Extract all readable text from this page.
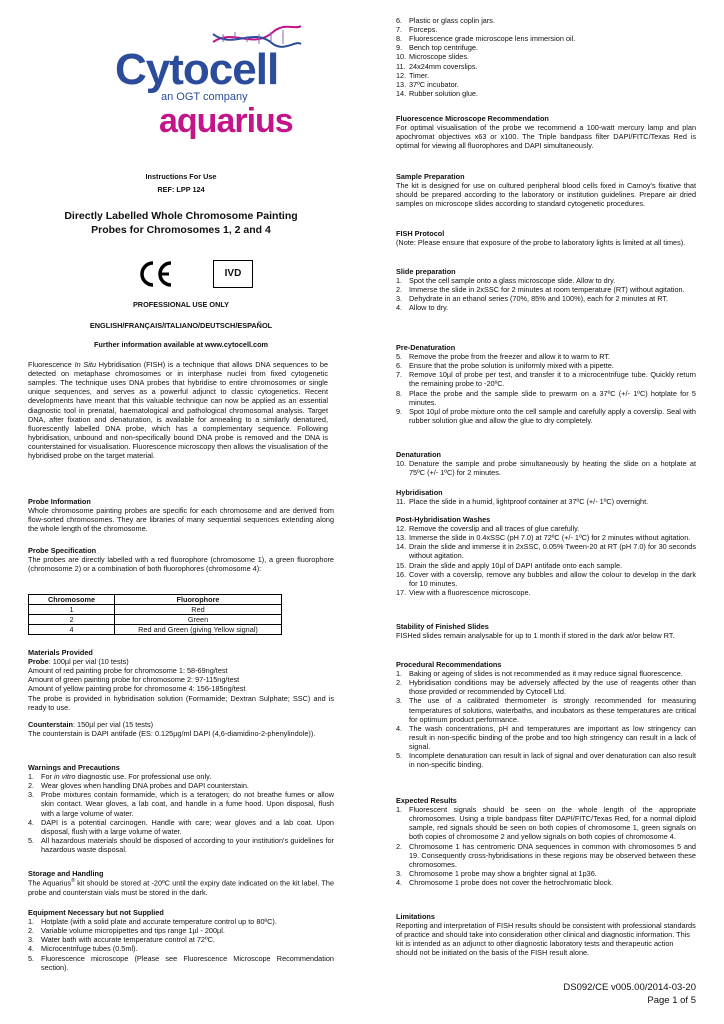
Cytocell
an OGT company
aquarius
Instructions For Use
REF: LPP 124
Directly Labelled Whole Chromosome Painting
Probes for Chromosomes 1, 2 and 4
CE
IVD
PROFESSIONAL USE ONLY
ENGLISH/FRANÇAIS/ITALIANO/DEUTSCH/ESPAÑOL
Further information available at www.cytocell.com

Fluorescence In Situ Hybridisation (FISH) is a technique that allows DNA sequences to be detected on metaphase chromosomes or in interphase nuclei from fixed cytogenetic samples. The technique uses DNA probes that hybridise to entire chromosomes or single unique sequences, and serves as a powerful adjunct to classic cytogenetics. Recent developments have meant that this valuable technique can now be applied as an essential diagnostic tool in prenatal, haematological and pathological chromosomal analysis. Target DNA, after fixation and denaturation, is available for annealing to a similarly denatured, fluorescently labelled DNA probe, which has a complementary sequence. Following hybridisation, unbound and non-specifically bound DNA probe is removed and the DNA is counterstained for visualisation. Fluorescence microscopy then allows the visualisation of the hybridised probe on the target material.

Probe Information

Whole chromosome painting probes are specific for each chromosome and are derived from flow-sorted chromosomes. They are libraries of many sequential sequences extending along the whole length of the chromosome.

Probe Specification

The probes are directly labelled with a red fluorophore (chromosome 1), a green fluorophore (chromosome 2) or a combination of both fluorophores (chromosome 4):

Chromosome	Fluorophore
1	Red
2	Green
4	Red and Green (giving Yellow signal)
Materials Provided

Probe: 100µl per vial (10 tests)

Amount of red painting probe for chromosome 1: 58-69ng/test

Amount of green painting probe for chromosome 2: 97-115ng/test

Amount of yellow painting probe for chromosome 4: 156-185ng/test

The probe is provided in hybridisation solution (Formamide; Dextran Sulphate; SSC) and is ready to use.

Counterstain: 150µl per vial (15 tests)

The counterstain is DAPI antifade (ES: 0.125µg/ml DAPI (4,6-diamidino-2-phenylindole)).

Warnings and Precautions
1. For in vitro diagnostic use. For professional use only.
2. Wear gloves when handling DNA probes and DAPI counterstain.
3. Probe mixtures contain formamide, which is a teratogen; do not breathe fumes or allow skin contact. Wear gloves, a lab coat, and handle in a fume hood. Upon disposal, flush with a large volume of water.
4. DAPI is a potential carcinogen. Handle with care; wear gloves and a lab coat. Upon disposal, flush with a large volume of water.
5. All hazardous materials should be disposed of according to your institution's guidelines for hazardous waste disposal.
Storage and Handling

The Aquarius® kit should be stored at -20ºC until the expiry date indicated on the kit label. The probe and counterstain vials must be stored in the dark.

Equipment Necessary but not Supplied
1. Hotplate (with a solid plate and accurate temperature control up to 80ºC).
2. Variable volume micropipettes and tips range 1µl - 200µl.
3. Water bath with accurate temperature control at 72ºC.
4. Microcentrifuge tubes (0.5ml).
5. Fluorescence microscope (Please see Fluorescence Microscope Recommendation section).
6. Plastic or glass coplin jars.
7. Forceps.
8. Fluorescence grade microscope lens immersion oil.
9. Bench top centrifuge.
10. Microscope slides.
11. 24x24mm coverslips.
12. Timer.
13. 37ºC incubator.
14. Rubber solution glue.
Fluorescence Microscope Recommendation

For optimal visualisation of the probe we recommend a 100-watt mercury lamp and plan apochromat objectives x63 or x100. The Triple bandpass filter DAPI/FITC/Texas Red is optimal for viewing all fluorophores and DAPI simultaneously.

Sample Preparation

The kit is designed for use on cultured peripheral blood cells fixed in Carnoy's fixative that should be prepared according to the laboratory or institution guidelines. Prepare air dried samples on microscope slides according to standard cytogenetic procedures.

FISH Protocol

(Note: Please ensure that exposure of the probe to laboratory lights is limited at all times).

Slide preparation
1. Spot the cell sample onto a glass microscope slide. Allow to dry.
2. Immerse the slide in 2xSSC for 2 minutes at room temperature (RT) without agitation.
3. Dehydrate in an ethanol series (70%, 85% and 100%), each for 2 minutes at RT.
4. Allow to dry.
Pre-Denaturation
5. Remove the probe from the freezer and allow it to warm to RT.
6. Ensure that the probe solution is uniformly mixed with a pipette.
7. Remove 10µl of probe per test, and transfer it to a microcentrifuge tube. Quickly return the remaining probe to -20ºC.
8. Place the probe and the sample slide to prewarm on a 37ºC (+/- 1ºC) hotplate for 5 minutes.
9. Spot 10µl of probe mixture onto the cell sample and carefully apply a coverslip. Seal with rubber solution glue and allow the glue to dry completely.
Denaturation
10. Denature the sample and probe simultaneously by heating the slide on a hotplate at 75ºC (+/- 1ºC) for 2 minutes.
Hybridisation
11. Place the slide in a humid, lightproof container at 37ºC (+/- 1ºC) overnight.
Post-Hybridisation Washes
12. Remove the coverslip and all traces of glue carefully.
13. Immerse the slide in 0.4xSSC (pH 7.0) at 72ºC (+/- 1ºC) for 2 minutes without agitation.
14. Drain the slide and immerse it in 2xSSC, 0.05% Tween-20 at RT (pH 7.0) for 30 seconds without agitation.
15. Drain the slide and apply 10µl of DAPI antifade onto each sample.
16. Cover with a coverslip, remove any bubbles and allow the colour to develop in the dark for 10 minutes.
17. View with a fluorescence microscope.
Stability of Finished Slides

FISHed slides remain analysable for up to 1 month if stored in the dark at/or below RT.

Procedural Recommendations
1. Baking or ageing of slides is not recommended as it may reduce signal fluorescence.
2. Hybridisation conditions may be adversely affected by the use of reagents other than those provided or recommended by Cytocell Ltd.
3. The use of a calibrated thermometer is strongly recommended for measuring temperatures of solutions, waterbaths, and incubators as these temperatures are critical for optimum product performance.
4. The wash concentrations, pH and temperatures are important as low stringency can result in non-specific binding of the probe and too high stringency can result in a lack of signal.
5. Incomplete denaturation can result in lack of signal and over denaturation can also result in non-specific binding.
Expected Results
1. Fluorescent signals should be seen on the whole length of the appropriate chromosomes. Using a triple bandpass filter DAPI/FITC/Texas Red, for a normal diploid sample, red signals should be seen on both copies of chromosome 1, green signals on both copies of chromosome 2 and yellow signals on both copies of chromosome 4.
2. Chromosome 1 has centromeric DNA sequences in common with chromosomes 5 and 19. Consequently cross-hybridisations in these regions may be observed between these chromosomes.
3. Chromosome 1 probe may show a brighter signal at 1p36.
4. Chromosome 1 probe does not cover the hetrochromatic block.
Limitations

Reporting and interpretation of FISH results should be consistent with professional standards of practice and should take into consideration other clinical and diagnostic information. This kit is intended as an adjunct to other diagnostic laboratory tests and therapeutic action should not be initiated on the basis of the FISH result alone.

DS092/CE v005.00/2014-03-20
Page 1 of 5
